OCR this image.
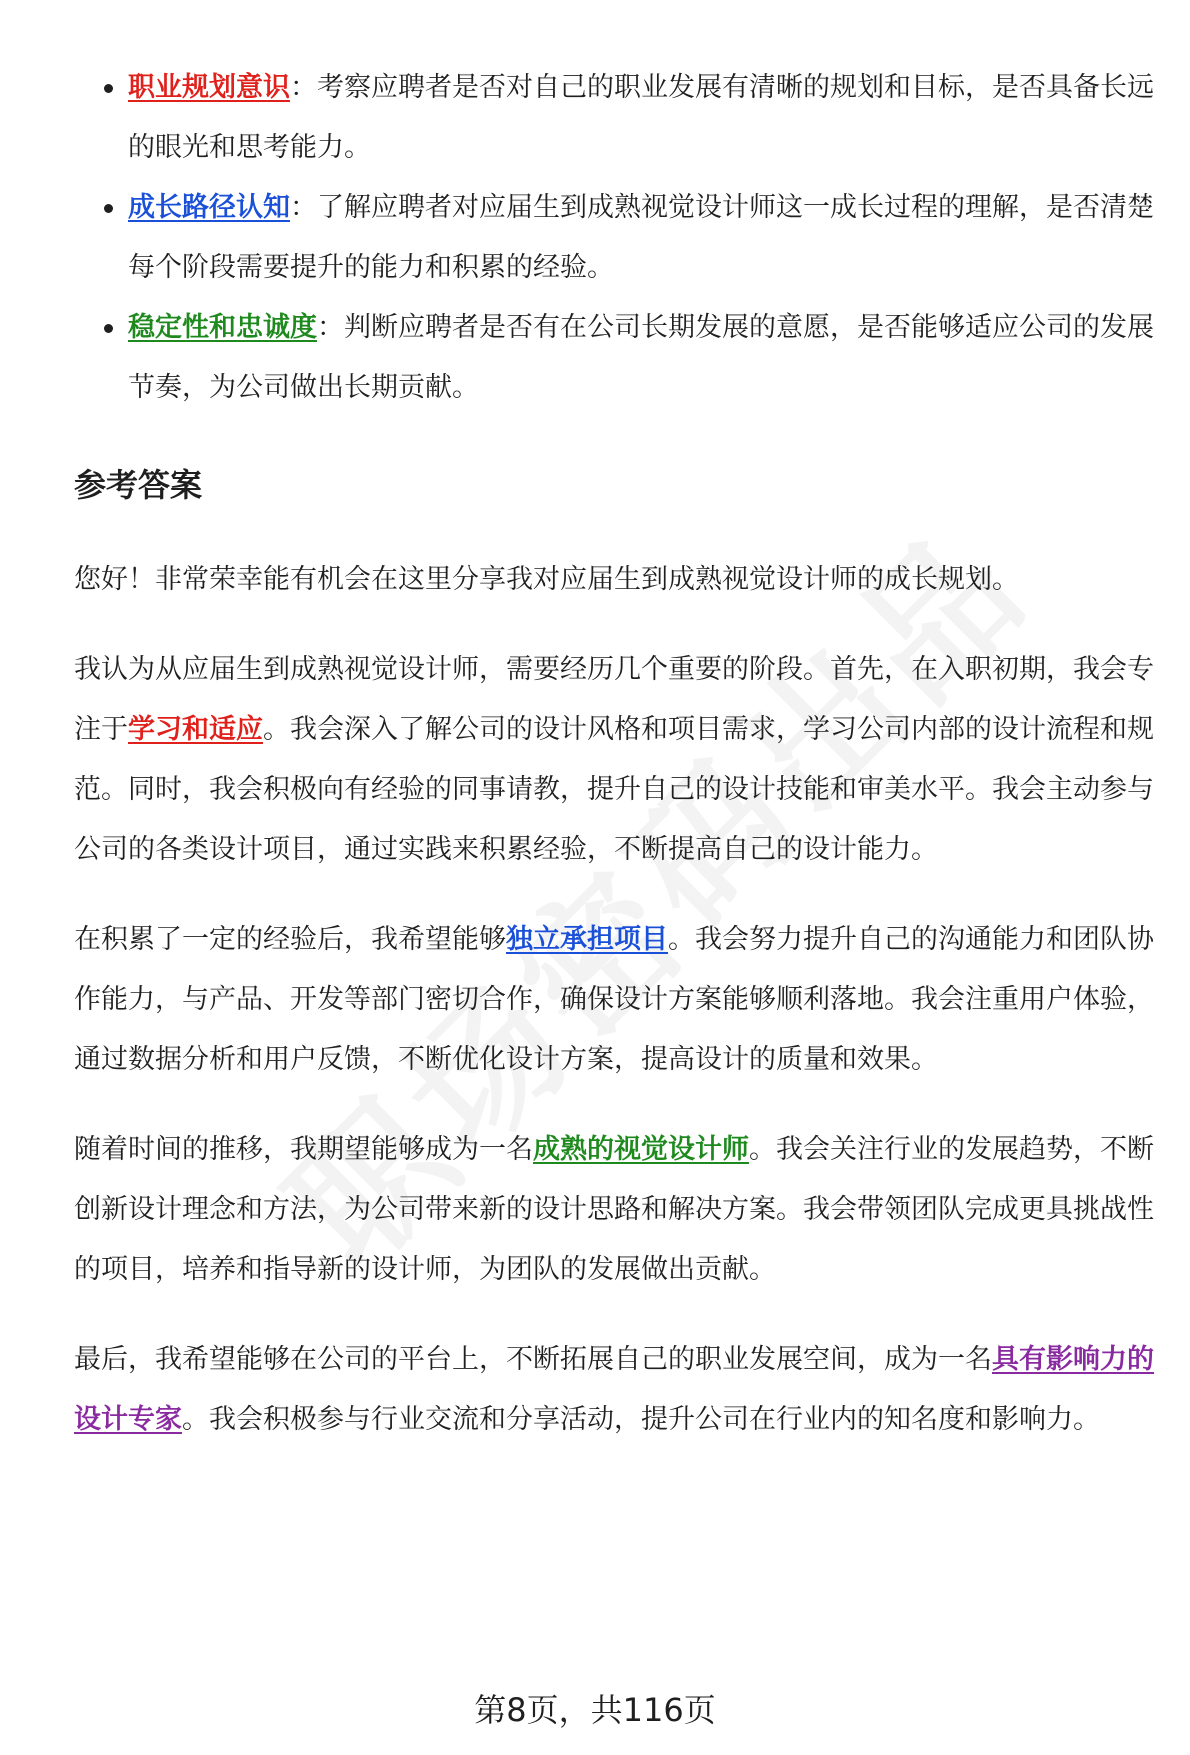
职业规划意识：考察应聘者是否对自己的职业发展有清晰的规划和目标，是否具备长远的眼光和思考能力。
成长路径认知：了解应聘者对应届生到成熟视觉设计师这一成长过程的理解，是否清楚每个阶段需要提升的能力和积累的经验。
稳定性和忠诚度：判断应聘者是否有在公司长期发展的意愿，是否能够适应公司的发展节奏，为公司做出长期贡献。
参考答案

您好！非常荣幸能有机会在这里分享我对应届生到成熟视觉设计师的成长规划。

我认为从应届生到成熟视觉设计师，需要经历几个重要的阶段。首先，在入职初期，我会专注于学习和适应。我会深入了解公司的设计风格和项目需求，学习公司内部的设计流程和规范。同时，我会积极向有经验的同事请教，提升自己的设计技能和审美水平。我会主动参与公司的各类设计项目，通过实践来积累经验，不断提高自己的设计能力。

在积累了一定的经验后，我希望能够独立承担项目。我会努力提升自己的沟通能力和团队协作能力，与产品、开发等部门密切合作，确保设计方案能够顺利落地。我会注重用户体验，通过数据分析和用户反馈，不断优化设计方案，提高设计的质量和效果。

随着时间的推移，我期望能够成为一名成熟的视觉设计师。我会关注行业的发展趋势，不断创新设计理念和方法，为公司带来新的设计思路和解决方案。我会带领团队完成更具挑战性的项目，培养和指导新的设计师，为团队的发展做出贡献。

最后，我希望能够在公司的平台上，不断拓展自己的职业发展空间，成为一名具有影响力的设计专家。我会积极参与行业交流和分享活动，提升公司在行业内的知名度和影响力。

第8页，共116页
